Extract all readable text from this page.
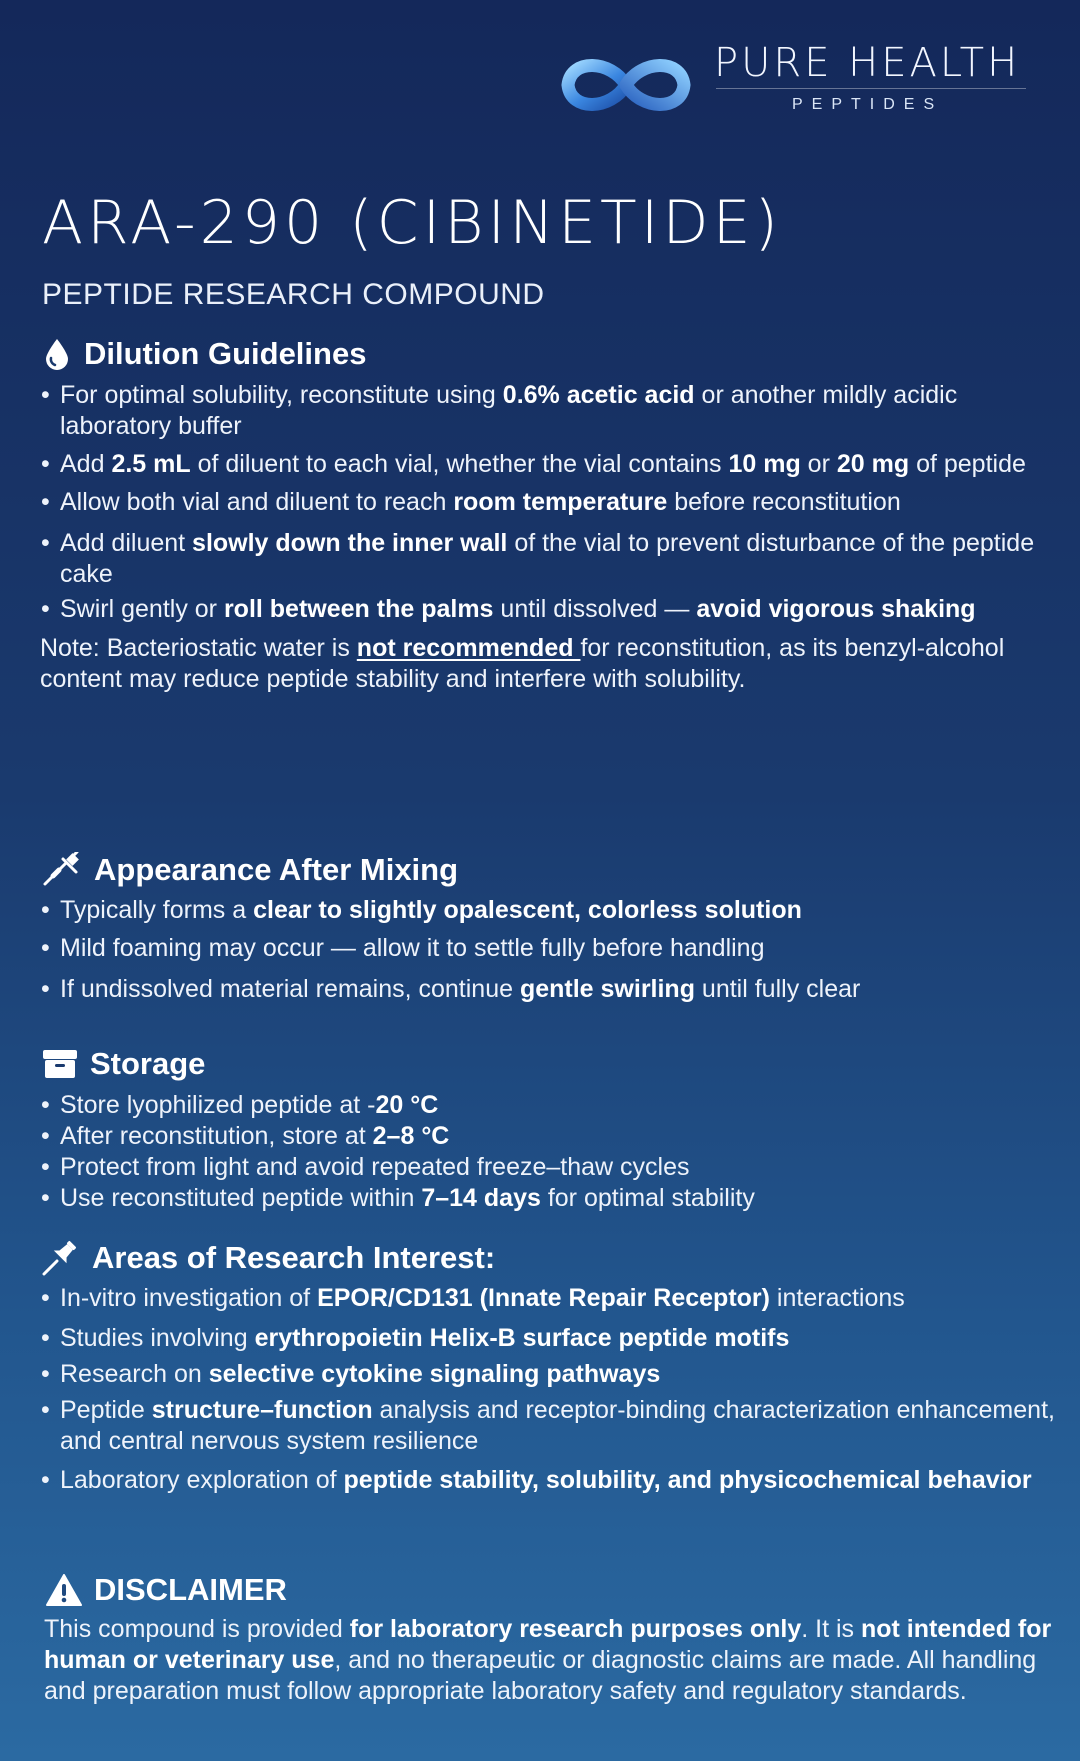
PURE HEALTH
PEPTIDES
ARA-290 (CIBINETIDE)
PEPTIDE RESEARCH COMPOUND
Dilution Guidelines
• For optimal solubility, reconstitute using 0.6% acetic acid or another mildly acidic laboratory buffer
• Add 2.5 mL of diluent to each vial, whether the vial contains 10 mg or 20 mg of peptide
• Allow both vial and diluent to reach room temperature before reconstitution
• Add diluent slowly down the inner wall of the vial to prevent disturbance of the peptide cake
• Swirl gently or roll between the palms until dissolved — avoid vigorous shaking
Note: Bacteriostatic water is not recommended for reconstitution, as its benzyl-alcohol content may reduce peptide stability and interfere with solubility.
Appearance After Mixing
• Typically forms a clear to slightly opalescent, colorless solution
• Mild foaming may occur — allow it to settle fully before handling
• If undissolved material remains, continue gentle swirling until fully clear
Storage
• Store lyophilized peptide at -20 °C
• After reconstitution, store at 2–8 °C
• Protect from light and avoid repeated freeze–thaw cycles
• Use reconstituted peptide within 7–14 days for optimal stability
Areas of Research Interest:
• In-vitro investigation of EPOR/CD131 (Innate Repair Receptor) interactions
• Studies involving erythropoietin Helix-B surface peptide motifs
• Research on selective cytokine signaling pathways
• Peptide structure–function analysis and receptor-binding characterization enhancement, and central nervous system resilience
• Laboratory exploration of peptide stability, solubility, and physicochemical behavior
DISCLAIMER
This compound is provided for laboratory research purposes only. It is not intended for human or veterinary use, and no therapeutic or diagnostic claims are made. All handling and preparation must follow appropriate laboratory safety and regulatory standards.
